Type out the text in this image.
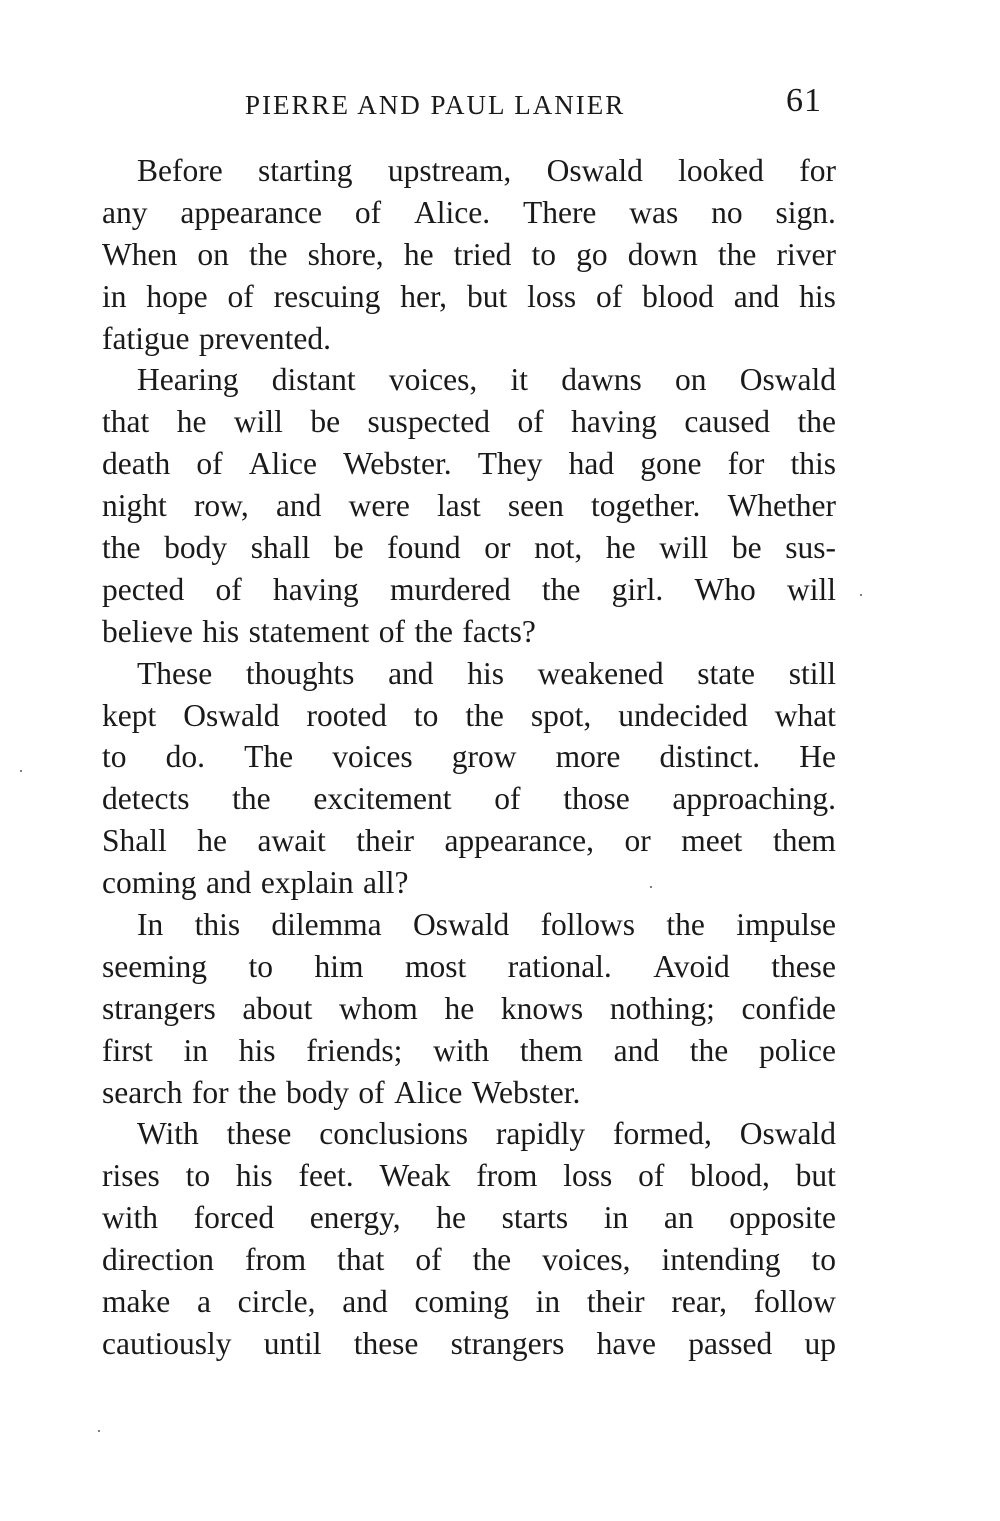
PIERRE AND PAUL LANIER	61
Before starting upstream, Oswald looked for
any appearance of Alice. There was no sign.
When on the shore, he tried to go down the river
in hope of rescuing her, but loss of blood and his
fatigue prevented.
Hearing distant voices, it dawns on Oswald
that he will be suspected of having caused the
death of Alice Webster. They had gone for this
night row, and were last seen together. Whether
the body shall be found or not, he will be sus-
pected of having murdered the girl. Who will
believe his statement of the facts?
These thoughts and his weakened state still
kept Oswald rooted to the spot, undecided what
to do. The voices grow more distinct. He
detects the excitement of those approaching.
Shall he await their appearance, or meet them
coming and explain all?
In this dilemma Oswald follows the impulse
seeming to him most rational. Avoid these
strangers about whom he knows nothing; confide
first in his friends; with them and the police
search for the body of Alice Webster.
With these conclusions rapidly formed, Oswald
rises to his feet. Weak from loss of blood, but
with forced energy, he starts in an opposite
direction from that of the voices, intending to
make a circle, and coming in their rear, follow
cautiously until these strangers have passed up
